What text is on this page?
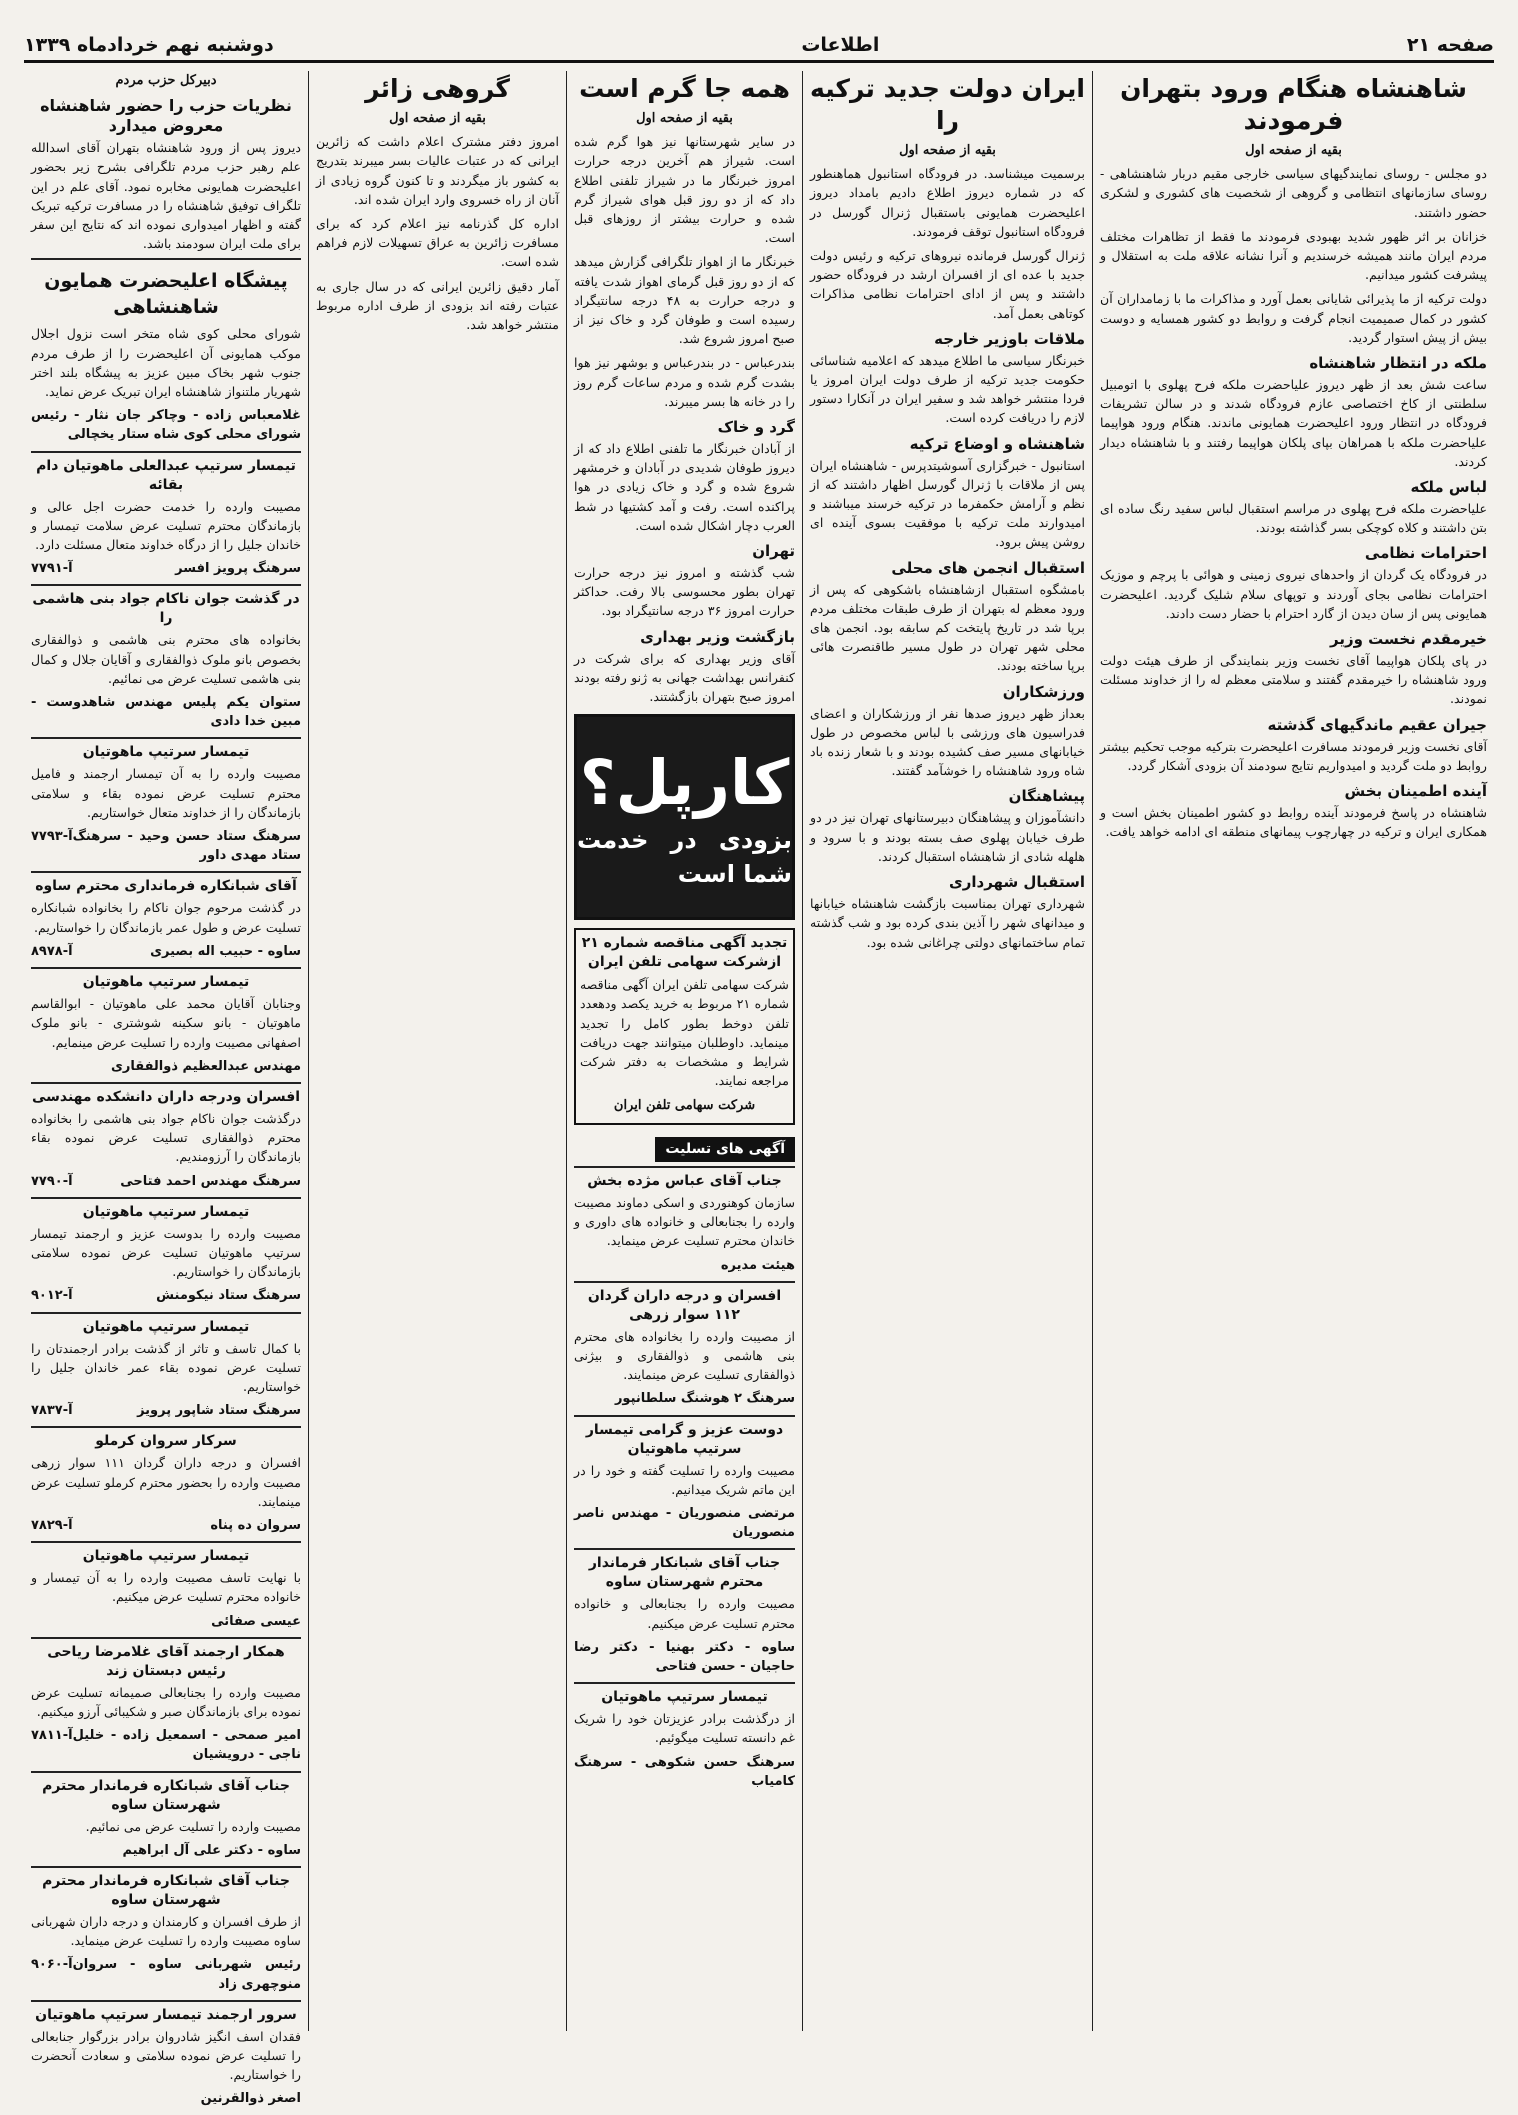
صفحه ۲۱
اطلاعات
دوشنبه نهم خردادماه ۱۳۳۹
شاهنشاه هنگام ورود بتهران فرمودند
بقیه از صفحه اول

دو مجلس - روسای نمایندگیهای سیاسی خارجی مقیم دربار شاهنشاهی - روسای سازمانهای انتظامی و گروهی از شخصیت های کشوری و لشکری حضور داشتند.

خزانان بر اثر ظهور شدید بهبودی فرمودند ما فقط از تظاهرات مختلف مردم ایران مانند همیشه خرسندیم و آنرا نشانه علاقه ملت به استقلال و پیشرفت کشور میدانیم.

دولت ترکیه از ما پذیرائی شایانی بعمل آورد و مذاکرات ما با زمامداران آن کشور در کمال صمیمیت انجام گرفت و روابط دو کشور همسایه و دوست بیش از پیش استوار گردید.

ملکه در انتظار شاهنشاه

ساعت شش بعد از ظهر دیروز علیاحضرت ملکه فرح پهلوی با اتومبیل سلطنتی از کاخ اختصاصی عازم فرودگاه شدند و در سالن تشریفات فرودگاه در انتظار ورود اعلیحضرت همایونی ماندند. هنگام ورود هواپیما علیاحضرت ملکه با همراهان بپای پلکان هواپیما رفتند و با شاهنشاه دیدار کردند.

لباس ملکه

علیاحضرت ملکه فرح پهلوی در مراسم استقبال لباس سفید رنگ ساده ای بتن داشتند و کلاه کوچکی بسر گذاشته بودند.

احترامات نظامی

در فرودگاه یک گردان از واحدهای نیروی زمینی و هوائی با پرچم و موزیک احترامات نظامی بجای آوردند و توپهای سلام شلیک گردید. اعلیحضرت همایونی پس از سان دیدن از گارد احترام با حضار دست دادند.

خیرمقدم نخست وزیر

در پای پلکان هواپیما آقای نخست وزیر بنمایندگی از طرف هیئت دولت ورود شاهنشاه را خیرمقدم گفتند و سلامتی معظم له را از خداوند مسئلت نمودند.

جیران عقیم ماندگیهای گذشته

آقای نخست وزیر فرمودند مسافرت اعلیحضرت بترکیه موجب تحکیم بیشتر روابط دو ملت گردید و امیدواریم نتایج سودمند آن بزودی آشکار گردد.

آینده اطمینان بخش

شاهنشاه در پاسخ فرمودند آینده روابط دو کشور اطمینان بخش است و همکاری ایران و ترکیه در چهارچوب پیمانهای منطقه ای ادامه خواهد یافت.

ایران دولت جدید ترکیه را
بقیه از صفحه اول

برسمیت میشناسد. در فرودگاه استانبول هماهنطور که در شماره دیروز اطلاع دادیم بامداد دیروز اعلیحضرت همایونی باستقبال ژنرال گورسل در فرودگاه استانبول توقف فرمودند.

ژنرال گورسل فرمانده نیروهای ترکیه و رئیس دولت جدید با عده ای از افسران ارشد در فرودگاه حضور داشتند و پس از ادای احترامات نظامی مذاکرات کوتاهی بعمل آمد.

ملاقات باوزیر خارجه

خبرنگار سیاسی ما اطلاع میدهد که اعلامیه شناسائی حکومت جدید ترکیه از طرف دولت ایران امروز یا فردا منتشر خواهد شد و سفیر ایران در آنکارا دستور لازم را دریافت کرده است.

شاهنشاه و اوضاع ترکیه

استانبول - خبرگزاری آسوشیتدپرس - شاهنشاه ایران پس از ملاقات با ژنرال گورسل اظهار داشتند که از نظم و آرامش حکمفرما در ترکیه خرسند میباشند و امیدوارند ملت ترکیه با موفقیت بسوی آینده ای روشن پیش برود.

استقبال انجمن های محلی

بامشگوه استقبال ازشاهنشاه باشکوهی که پس از ورود معظم له بتهران از طرف طبقات مختلف مردم برپا شد در تاریخ پایتخت کم سابقه بود. انجمن های محلی شهر تهران در طول مسیر طاقنصرت هائی برپا ساخته بودند.

ورزشکاران

بعداز ظهر دیروز صدها نفر از ورزشکاران و اعضای فدراسیون های ورزشی با لباس مخصوص در طول خیابانهای مسیر صف کشیده بودند و با شعار زنده باد شاه ورود شاهنشاه را خوشآمد گفتند.

پیشاهنگان

دانشآموزان و پیشاهنگان دبیرستانهای تهران نیز در دو طرف خیابان پهلوی صف بسته بودند و با سرود و هلهله شادی از شاهنشاه استقبال کردند.

استقبال شهرداری

شهرداری تهران بمناسبت بازگشت شاهنشاه خیابانها و میدانهای شهر را آذین بندی کرده بود و شب گذشته تمام ساختمانهای دولتی چراغانی شده بود.

همه جا گرم است
بقیه از صفحه اول

در سایر شهرستانها نیز هوا گرم شده است. شیراز هم آخرین درجه حرارت امروز خبرنگار ما در شیراز تلفنی اطلاع داد که از دو روز قبل هوای شیراز گرم شده و حرارت بیشتر از روزهای قبل است.

خبرنگار ما از اهواز تلگرافی گزارش میدهد که از دو روز قبل گرمای اهواز شدت یافته و درجه حرارت به ۴۸ درجه سانتیگراد رسیده است و طوفان گرد و خاک نیز از صبح امروز شروع شد.

بندرعباس - در بندرعباس و بوشهر نیز هوا بشدت گرم شده و مردم ساعات گرم روز را در خانه ها بسر میبرند.

گرد و خاک

از آبادان خبرنگار ما تلفنی اطلاع داد که از دیروز طوفان شدیدی در آبادان و خرمشهر شروع شده و گرد و خاک زیادی در هوا پراکنده است. رفت و آمد کشتیها در شط العرب دچار اشکال شده است.

تهران

شب گذشته و امروز نیز درجه حرارت تهران بطور محسوسی بالا رفت. حداکثر حرارت امروز ۳۶ درجه سانتیگراد بود.

بازگشت وزیر بهداری

آقای وزیر بهداری که برای شرکت در کنفرانس بهداشت جهانی به ژنو رفته بودند امروز صبح بتهران بازگشتند.

کارپل؟
بزودی در خدمت شما است
تجدید آگهی مناقصه شماره ۲۱ ازشرکت سهامی تلفن ایران

شرکت سهامی تلفن ایران آگهی مناقصه شماره ۲۱ مربوط به خرید یکصد ودهعدد تلفن دوخط بطور کامل را تجدید مینماید. داوطلبان میتوانند جهت دریافت شرایط و مشخصات به دفتر شرکت مراجعه نمایند.

شرکت سهامی تلفن ایران
آگهی های تسلیت
جناب آقای عباس مژده بخش

سازمان کوهنوردی و اسکی دماوند مصیبت وارده را بجنابعالی و خانواده های داوری و خاندان محترم تسلیت عرض مینماید.

هیئت مدیره
افسران و درجه داران گردان ۱۱۲ سوار زرهی

از مصیبت وارده را بخانواده های محترم بنی هاشمی و ذوالفقاری و بیژنی ذوالفقاری تسلیت عرض مینمایند.

سرهنگ ۲ هوشنگ سلطانپور
دوست عزیز و گرامی تیمسار سرتیپ ماهوتیان

مصیبت وارده را تسلیت گفته و خود را در این ماتم شریک میدانیم.

مرتضی منصوریان - مهندس ناصر منصوریان
جناب آقای شبانکار فرماندار محترم شهرستان ساوه

مصیبت وارده را بجنابعالی و خانواده محترم تسلیت عرض میکنیم.

ساوه - دکتر بهنیا - دکتر رضا حاجیان - حسن فتاحی
تیمسار سرتیپ ماهوتیان

از درگذشت برادر عزیزتان خود را شریک غم دانسته تسلیت میگوئیم.

سرهنگ حسن شکوهی - سرهنگ کامیاب
گروهی زائر
بقیه از صفحه اول

امروز دفتر مشترک اعلام داشت که زائرین ایرانی که در عتبات عالیات بسر میبرند بتدریج به کشور باز میگردند و تا کنون گروه زیادی از آنان از راه خسروی وارد ایران شده اند.

اداره کل گذرنامه نیز اعلام کرد که برای مسافرت زائرین به عراق تسهیلات لازم فراهم شده است.

آمار دقیق زائرین ایرانی که در سال جاری به عتبات رفته اند بزودی از طرف اداره مربوط منتشر خواهد شد.

دبیرکل حزب مردم
نظریات حزب را حضور شاهنشاه معروض میدارد

دیروز پس از ورود شاهنشاه بتهران آقای اسدالله علم رهبر حزب مردم تلگرافی بشرح زیر بحضور اعلیحضرت همایونی مخابره نمود. آقای علم در این تلگراف توفیق شاهنشاه را در مسافرت ترکیه تبریک گفته و اظهار امیدواری نموده اند که نتایج این سفر برای ملت ایران سودمند باشد.

پیشگاه اعلیحضرت همایون شاهنشاهی

شورای محلی کوی شاه متخر است نزول اجلال موکب همایونی آن اعلیحضرت را از طرف مردم جنوب شهر بخاک مبین عزیز به پیشگاه بلند اختر شهریار ملتنواز شاهنشاه ایران تبریک عرض نماید.

غلامعباس زاده - وچاکر جان نثار - رئیس شورای محلی کوی شاه ستار یخچالی
تیمسار سرتیپ عبدالعلی ماهوتیان دام بقائه

مصیبت وارده را خدمت حضرت اجل عالی و بازماندگان محترم تسلیت عرض سلامت تیمسار و خاندان جلیل را از درگاه خداوند متعال مسئلت دارد.

سرهنگ پرویز افسر
آ-۷۷۹۱
در گذشت جوان ناکام جواد بنی هاشمی را

بخانواده های محترم بنی هاشمی و ذوالفقاری بخصوص بانو ملوک ذوالفقاری و آقایان جلال و کمال بنی هاشمی تسلیت عرض می نمائیم.

ستوان یکم پلیس مهندس شاهدوست - مبین خدا دادی
تیمسار سرتیپ ماهوتیان

مصیبت وارده را به آن تیمسار ارجمند و فامیل محترم تسلیت عرض نموده بقاء و سلامتی بازماندگان را از خداوند متعال خواستاریم.

سرهنگ ستاد حسن وحید - سرهنگ ستاد مهدی داور
آ-۷۷۹۳
آقای شبانکاره فرمانداری محترم ساوه

در گذشت مرحوم جوان ناکام را بخانواده شبانکاره تسلیت عرض و طول عمر بازماندگان را خواستاریم.

ساوه - حبیب اله بصیری
آ-۸۹۷۸
تیمسار سرتیپ ماهوتیان

وجنابان آقایان محمد علی ماهوتیان - ابوالقاسم ماهوتیان - بانو سکینه شوشتری - بانو ملوک اصفهانی مصیبت وارده را تسلیت عرض مینمایم.

مهندس عبدالعظیم ذوالفقاری
افسران ودرجه داران دانشکده مهندسی

درگذشت جوان ناکام جواد بنی هاشمی را بخانواده محترم ذوالفقاری تسلیت عرض نموده بقاء بازماندگان را آرزومندیم.

سرهنگ مهندس احمد فتاحی
آ-۷۷۹۰
تیمسار سرتیپ ماهوتیان

مصیبت وارده را بدوست عزیز و ارجمند تیمسار سرتیپ ماهوتیان تسلیت عرض نموده سلامتی بازماندگان را خواستاریم.

سرهنگ ستاد نیکومنش
آ-۹۰۱۲
تیمسار سرتیپ ماهوتیان

با کمال تاسف و تاثر از گذشت برادر ارجمندتان را تسلیت عرض نموده بقاء عمر خاندان جلیل را خواستاریم.

سرهنگ ستاد شاپور پرویز
آ-۷۸۳۷
سرکار سروان کرملو

افسران و درجه داران گردان ۱۱۱ سوار زرهی مصیبت وارده را بحضور محترم کرملو تسلیت عرض مینمایند.

سروان ده پناه
آ-۷۸۲۹
تیمسار سرتیپ ماهوتیان

با نهایت تاسف مصیبت وارده را به آن تیمسار و خانواده محترم تسلیت عرض میکنیم.

عیسی صفائی
همکار ارجمند آقای غلامرضا ریاحی رئیس دبستان زند

مصیبت وارده را بجنابعالی صمیمانه تسلیت عرض نموده برای بازماندگان صبر و شکیبائی آرزو میکنیم.

امیر صمحی - اسمعیل زاده - خلیل ناجی - درویشیان
آ-۷۸۱۱
جناب آقای شبانکاره فرماندار محترم شهرستان ساوه

مصیبت وارده را تسلیت عرض می نمائیم.

ساوه - دکتر علی آل ابراهیم
جناب آقای شبانکاره فرماندار محترم شهرستان ساوه

از طرف افسران و کارمندان و درجه داران شهربانی ساوه مصیبت وارده را تسلیت عرض مینماید.

رئیس شهربانی ساوه - سروان منوچهری زاد
آ-۹۰۶۰
سرور ارجمند تیمسار سرتیپ ماهوتیان

فقدان اسف انگیز شادروان برادر بزرگوار جنابعالی را تسلیت عرض نموده سلامتی و سعادت آنحضرت را خواستاریم.

اصغر ذوالقرنین
